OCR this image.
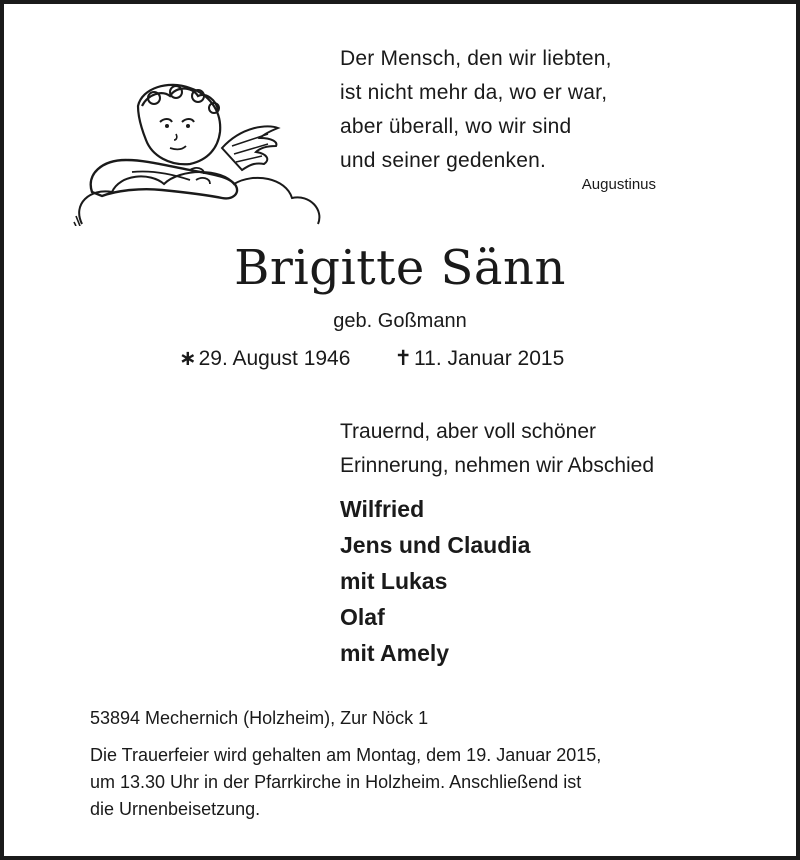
Der Mensch, den wir liebten,
ist nicht mehr da, wo er war,
aber überall, wo wir sind
und seiner gedenken.
Augustinus
Brigitte Sänn
geb. Goßmann
∗29. August 1946 ✝11. Januar 2015
Trauernd, aber voll schöner
Erinnerung, nehmen wir Abschied
Wilfried
Jens und Claudia
mit Lukas
Olaf
mit Amely
53894 Mechernich (Holzheim), Zur Nöck 1
Die Trauerfeier wird gehalten am Montag, dem 19. Januar 2015,
um 13.30 Uhr in der Pfarrkirche in Holzheim. Anschließend ist
die Urnenbeisetzung.
